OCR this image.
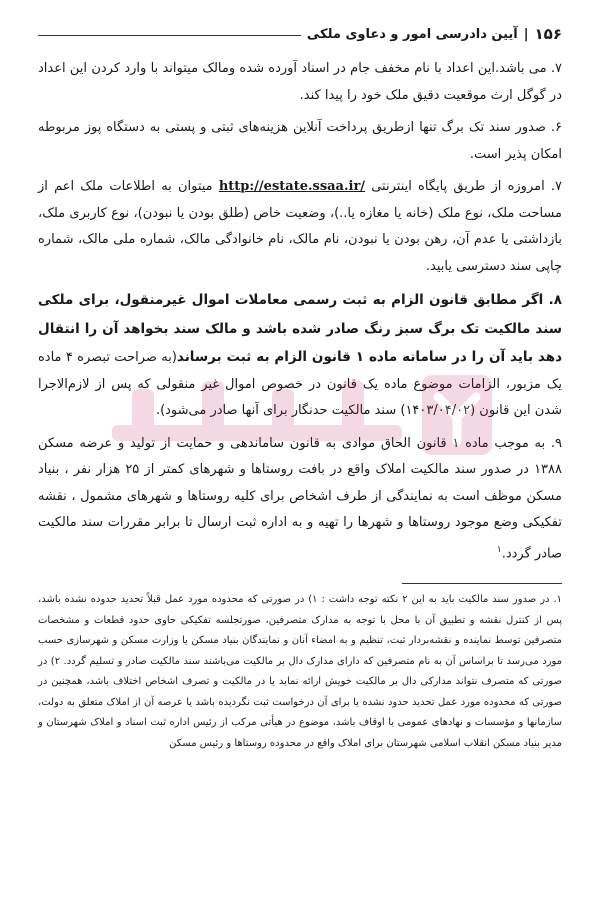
۱۵۶
|
آیین دادرسی امور و دعاوی ملکی

۷. می باشد.این اعداد با نام مخفف جام در اسناد آورده شده ومالک میتواند با وارد کردن این اعداد در گوگل ارث موقعیت دقیق ملک خود را پیدا کند.

۶. صدور سند تک برگ تنها ازطریق پرداخت آنلاین هزینه‌های ثبتی و پستی به دستگاه پوز مربوطه امکان پذیر است.

۷. امروزه از طریق پایگاه اینترنتی http://estate.ssaa.ir/ میتوان به اطلاعات ملک اعم از مساحت ملک، نوع ملک (خانه یا مغازه یا..)، وضعیت خاص (طلق بودن یا نبودن)، نوع کاربری ملک، بازداشتی یا عدم آن، رهن بودن یا نبودن، نام مالک، نام خانوادگی مالک، شماره ملی مالک، شماره چاپی سند دسترسی یابید.

۸. اگر مطابق قانون الزام به ثبت رسمی معاملات اموال غیرمنقول، برای ملکی سند مالکیت تک برگ سبز رنگ صادر شده باشد و مالک سند بخواهد آن را انتقال دهد باید آن را در سامانه ماده ۱ قانون الزام به ثبت برساند(به صراحت تبصره ۴ ماده یک مزبور، الزامات موضوع ماده یک قانون در خصوص اموال غیر منقولی که پس از لازم‌الاجرا شدن این قانون (۱۴۰۳/۰۴/۰۲) سند مالکیت حدنگار برای آنها صادر می‌شود).

۹. به موجب ماده ۱ قانون الحاق موادی به قانون ساماندهی و حمایت از تولید و عرضه مسکن ۱۳۸۸ در صدور سند مالکیت املاک واقع در بافت روستاها و شهرهای کمتر از ۲۵ هزار نفر ، بنیاد مسکن موظف است به نمایندگی از طرف اشخاص برای کلیه روستاها و شهرهای مشمول ، نقشه تفکیکی وضع موجود روستاها و شهرها را تهیه و به اداره ثبت ارسال تا برابر مقررات سند مالکیت صادر گردد.$^۱$

۱. در صدور سند مالکیت باید به این ۲ نکته توجه داشت : ۱) در صورتی که محدوده مورد عمل قبلاً تحدید حدوده نشده باشد، پس از کنترل نقشه و تطبیق آن با محل با توجه به مدارک متصرفین، صورتجلسه تفکیکی حاوی حدود قطعات و مشخصات متصرفین توسط نماینده و نقشه‌بردار ثبت، تنظیم و به امضاء آنان و نمایندگان بنیاد مسکن یا وزارت مسکن و شهرسازی حسب مورد می‌رسد تا براساس آن به نام متصرفین که دارای مدارک دال بر مالکیت می‌باشند سند مالکیت صادر و تسلیم گردد. ۲) در صورتی که متصرف نتواند مدارکی دال بر مالکیت خویش ارائه نماید یا در مالکیت و تصرف اشخاص اختلاف باشد، همچنین در صورتی که محدوده مورد عمل تحدید حدود نشده یا برای آن درخواست ثبت نگردیده باشد یا عرصه آن از املاک متعلق به دولت، سازمانها و مؤسسات و نهادهای عمومی یا اوقاف باشد، موضوع در هیأتی مرکب از رئیس اداره ثبت اسناد و املاک شهرستان و مدیر بنیاد مسکن انقلاب اسلامی شهرستان برای املاک واقع در محدوده روستاها و رئیس مسکن
